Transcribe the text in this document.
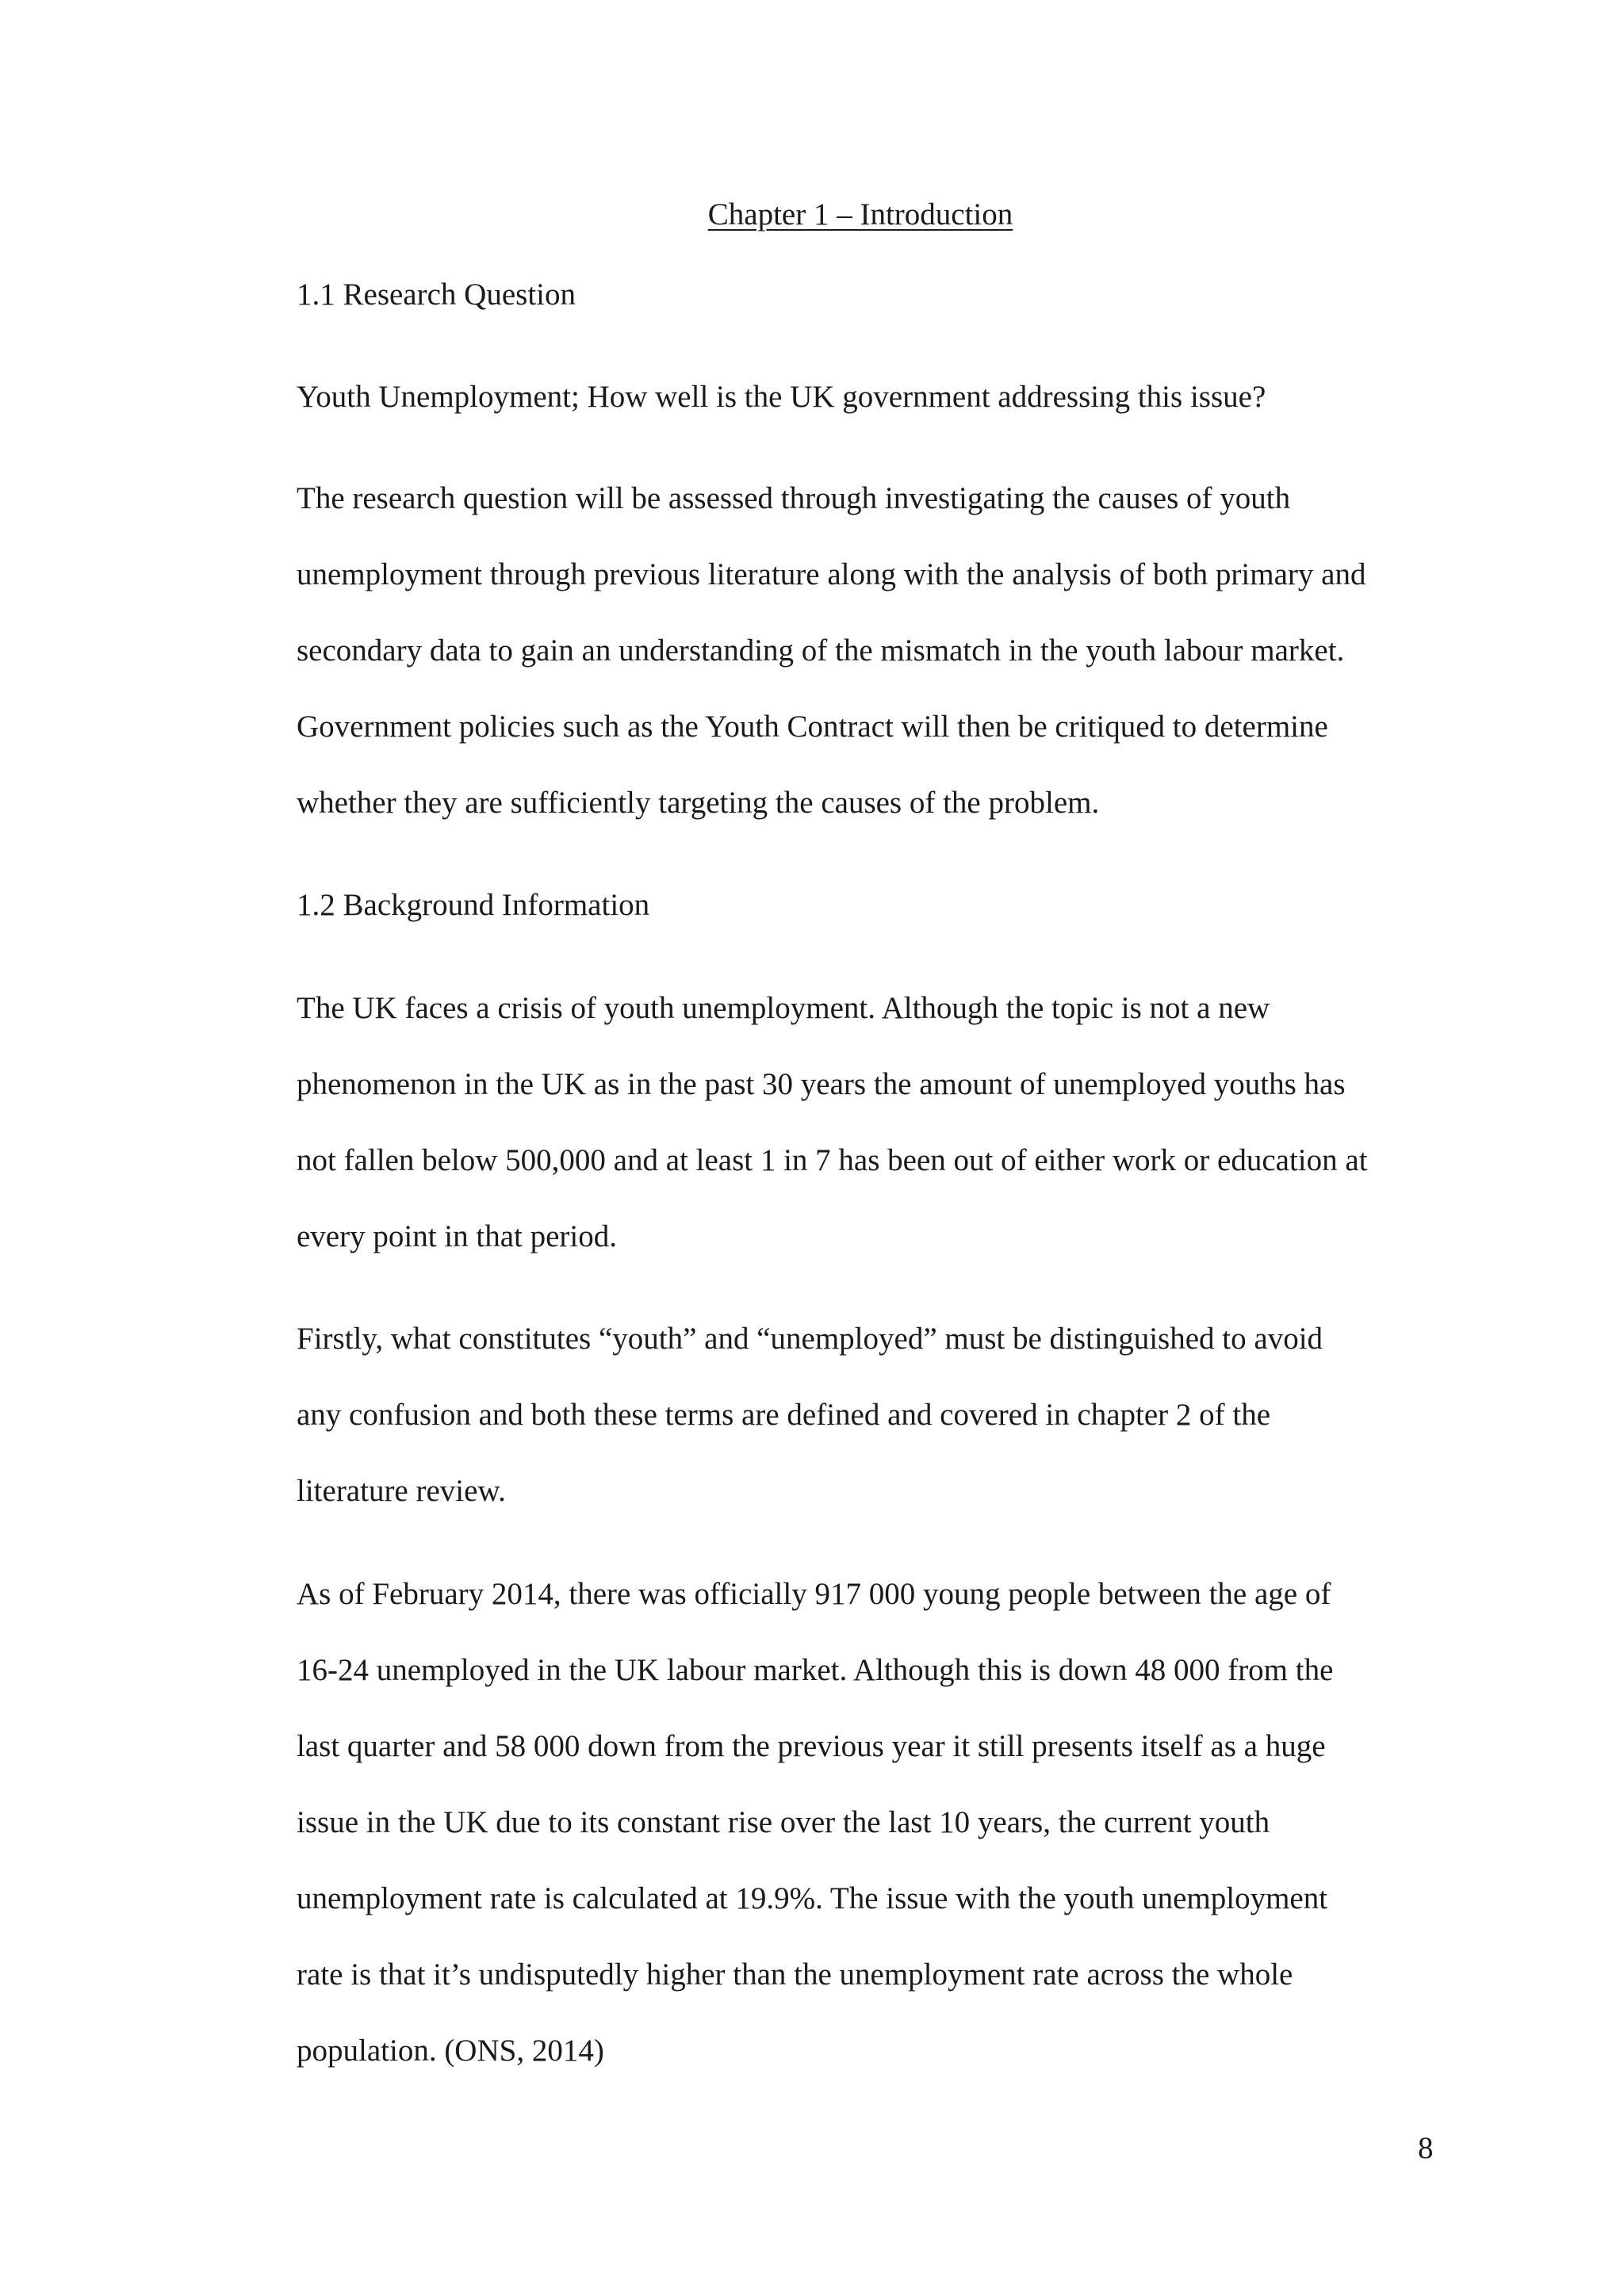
Chapter 1 – Introduction

1.1 Research Question

Youth Unemployment; How well is the UK government addressing this issue?

The research question will be assessed through investigating the causes of youth

unemployment through previous literature along with the analysis of both primary and

secondary data to gain an understanding of the mismatch in the youth labour market.

Government policies such as the Youth Contract will then be critiqued to determine

whether they are sufficiently targeting the causes of the problem.

1.2 Background Information

The UK faces a crisis of youth unemployment. Although the topic is not a new

phenomenon in the UK as in the past 30 years the amount of unemployed youths has

not fallen below 500,000 and at least 1 in 7 has been out of either work or education at

every point in that period.

Firstly, what constitutes “youth” and “unemployed” must be distinguished to avoid

any confusion and both these terms are defined and covered in chapter 2 of the

literature review.

As of February 2014, there was officially 917 000 young people between the age of

16-24 unemployed in the UK labour market. Although this is down 48 000 from the

last quarter and 58 000 down from the previous year it still presents itself as a huge

issue in the UK due to its constant rise over the last 10 years, the current youth

unemployment rate is calculated at 19.9%. The issue with the youth unemployment

rate is that it’s undisputedly higher than the unemployment rate across the whole

population. (ONS, 2014)

8
